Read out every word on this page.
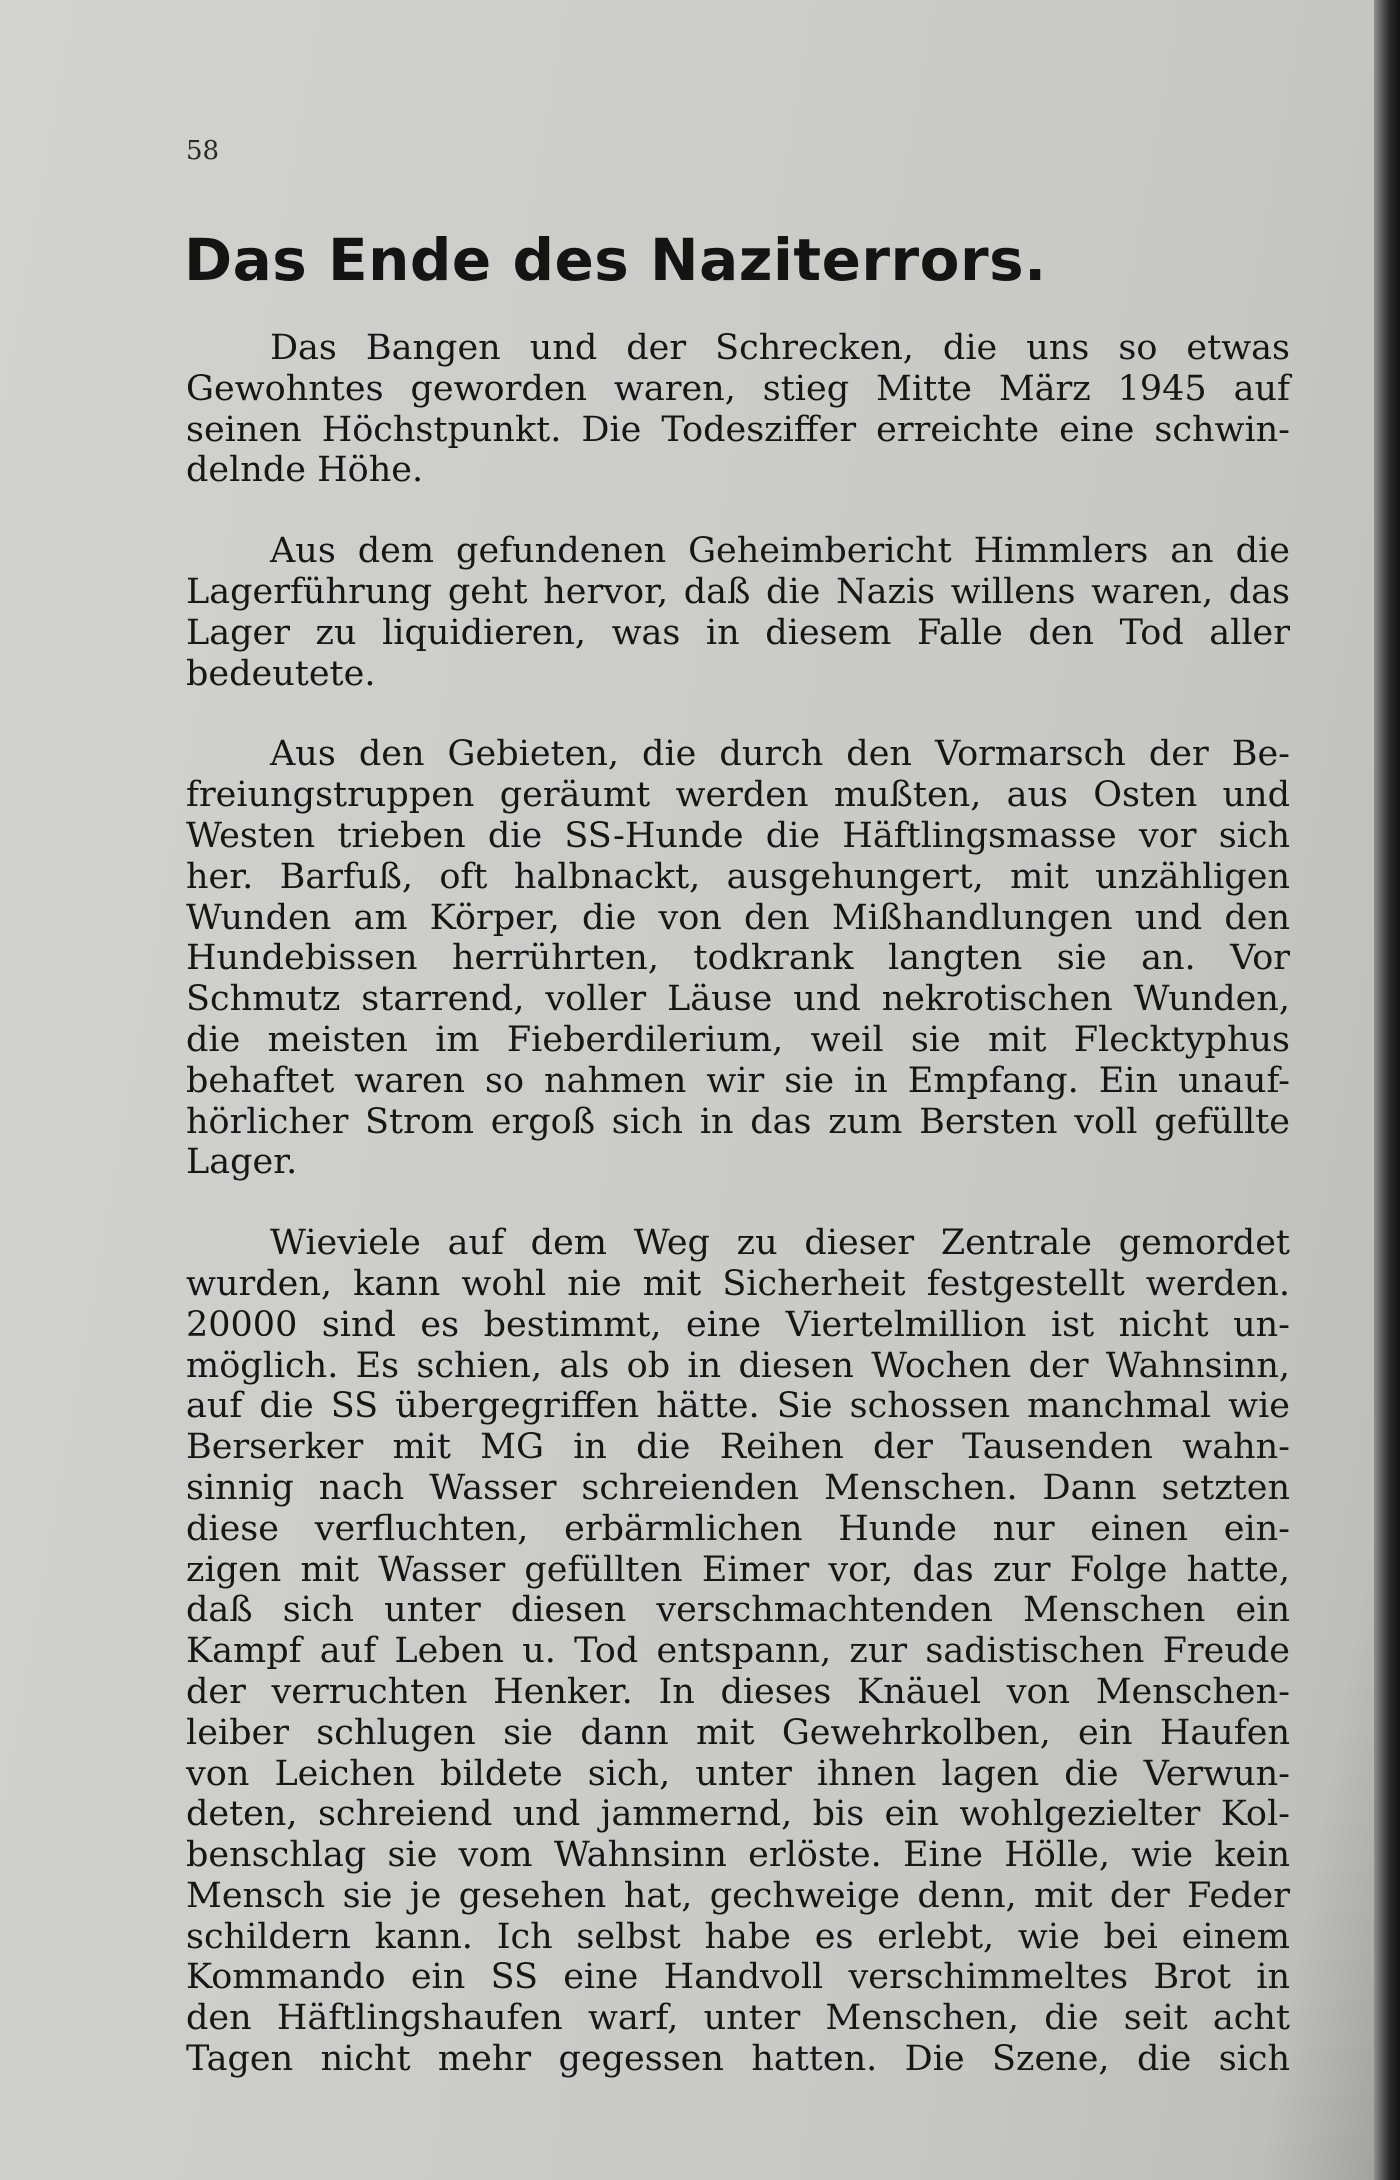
58
Das Ende des Naziterrors.

Das Bangen und der Schrecken, die uns so etwas
Gewohntes geworden waren, stieg Mitte März 1945 auf
seinen Höchstpunkt. Die Todesziffer erreichte eine schwin-
delnde Höhe.

Aus dem gefundenen Geheimbericht Himmlers an die
Lagerführung geht hervor, daß die Nazis willens waren, das
Lager zu liquidieren, was in diesem Falle den Tod aller
bedeutete.

Aus den Gebieten, die durch den Vormarsch der Be-
freiungstruppen geräumt werden mußten, aus Osten und
Westen trieben die SS-Hunde die Häftlingsmasse vor sich
her. Barfuß, oft halbnackt, ausgehungert, mit unzähligen
Wunden am Körper, die von den Mißhandlungen und den
Hundebissen herrührten, todkrank langten sie an. Vor
Schmutz starrend, voller Läuse und nekrotischen Wunden,
die meisten im Fieberdilerium, weil sie mit Flecktyphus
behaftet waren so nahmen wir sie in Empfang. Ein unauf-
hörlicher Strom ergoß sich in das zum Bersten voll gefüllte
Lager.

Wieviele auf dem Weg zu dieser Zentrale gemordet
wurden, kann wohl nie mit Sicherheit festgestellt werden.
20000 sind es bestimmt, eine Viertelmillion ist nicht un-
möglich. Es schien, als ob in diesen Wochen der Wahnsinn,
auf die SS übergegriffen hätte. Sie schossen manchmal wie
Berserker mit MG in die Reihen der Tausenden wahn-
sinnig nach Wasser schreienden Menschen. Dann setzten
diese verfluchten, erbärmlichen Hunde nur einen ein-
zigen mit Wasser gefüllten Eimer vor, das zur Folge hatte,
daß sich unter diesen verschmachtenden Menschen ein
Kampf auf Leben u. Tod entspann, zur sadistischen Freude
der verruchten Henker. In dieses Knäuel von Menschen-
leiber schlugen sie dann mit Gewehrkolben, ein Haufen
von Leichen bildete sich, unter ihnen lagen die Verwun-
deten, schreiend und jammernd, bis ein wohlgezielter Kol-
benschlag sie vom Wahnsinn erlöste. Eine Hölle, wie kein
Mensch sie je gesehen hat, gechweige denn, mit der Feder
schildern kann. Ich selbst habe es erlebt, wie bei einem
Kommando ein SS eine Handvoll verschimmeltes Brot in
den Häftlingshaufen warf, unter Menschen, die seit acht
Tagen nicht mehr gegessen hatten. Die Szene, die sich
